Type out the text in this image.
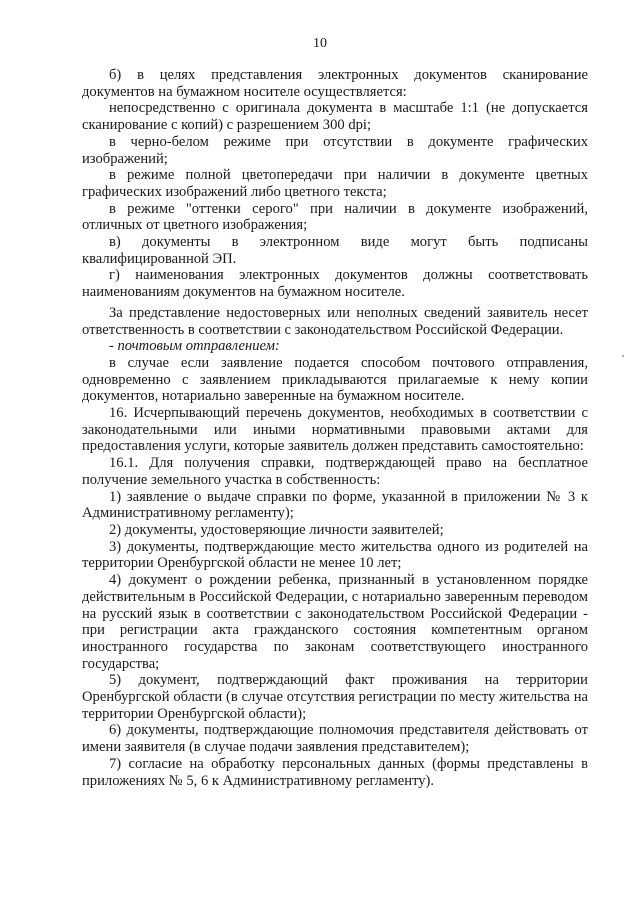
10

б) в целях представления электронных документов сканирование документов на бумажном носителе осуществляется:

непосредственно с оригинала документа в масштабе 1:1 (не допускается сканирование с копий) с разрешением 300 dpi;

в черно-белом режиме при отсутствии в документе графических изображений;

в режиме полной цветопередачи при наличии в документе цветных графических изображений либо цветного текста;

в режиме "оттенки серого" при наличии в документе изображений, отличных от цветного изображения;

в) документы в электронном виде могут быть подписаны квалифицированной ЭП.

г) наименования электронных документов должны соответствовать наименованиям документов на бумажном носителе.

За представление недостоверных или неполных сведений заявитель несет ответственность в соответствии с законодательством Российской Федерации.

- почтовым отправлением:

в случае если заявление подается способом почтового отправления, одновременно с заявлением прикладываются прилагаемые к нему копии документов, нотариально заверенные на бумажном носителе.

16. Исчерпывающий перечень документов, необходимых в соответствии с законодательными или иными нормативными правовыми актами для предоставления услуги, которые заявитель должен представить самостоятельно:

16.1. Для получения справки, подтверждающей право на бесплатное получение земельного участка в собственность:

1) заявление о выдаче справки по форме, указанной в приложении № 3 к Административному регламенту);

2) документы, удостоверяющие личности заявителей;

3) документы, подтверждающие место жительства одного из родителей на территории Оренбургской области не менее 10 лет;

4) документ о рождении ребенка, признанный в установленном порядке действительным в Российской Федерации, с нотариально заверенным переводом на русский язык в соответствии с законодательством Российской Федерации - при регистрации акта гражданского состояния компетентным органом иностранного государства по законам соответствующего иностранного государства;

5) документ, подтверждающий факт проживания на территории Оренбургской области (в случае отсутствия регистрации по месту жительства на территории Оренбургской области);

6) документы, подтверждающие полномочия представителя действовать от имени заявителя (в случае подачи заявления представителем);

7) согласие на обработку персональных данных (формы представлены в приложениях № 5, 6 к Административному регламенту).
